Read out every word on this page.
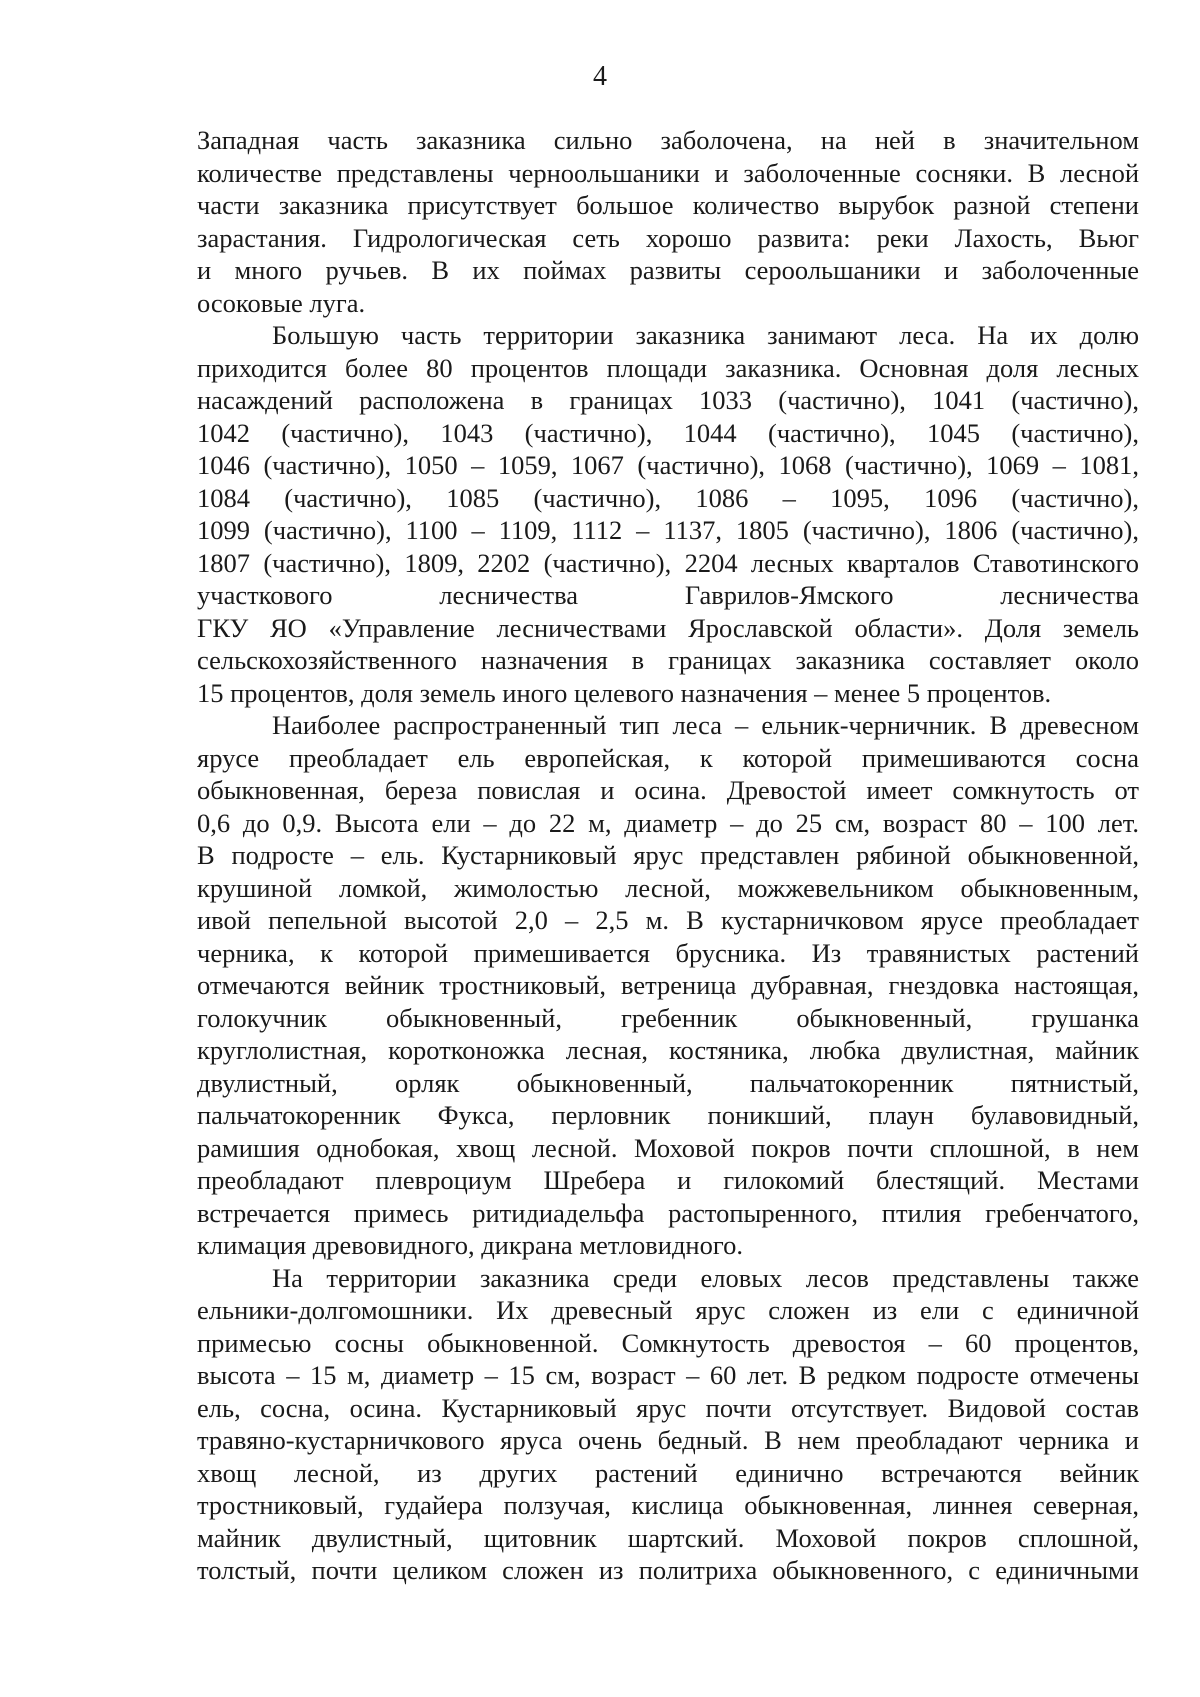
4

Западная часть заказника сильно заболочена, на ней в значительном
количестве представлены черноольшаники и заболоченные сосняки. В лесной
части заказника присутствует большое количество вырубок разной степени
зарастания. Гидрологическая сеть хорошо развита: реки Лахость, Вьюг
и много ручьев. В их поймах развиты сероольшаники и заболоченные
осоковые луга.

Большую часть территории заказника занимают леса. На их долю
приходится более 80 процентов площади заказника. Основная доля лесных
насаждений расположена в границах 1033 (частично), 1041 (частично),
1042 (частично), 1043 (частично), 1044 (частично), 1045 (частично),
1046 (частично), 1050 – 1059, 1067 (частично), 1068 (частично), 1069 – 1081,
1084 (частично), 1085 (частично), 1086 – 1095, 1096 (частично),
1099 (частично), 1100 – 1109, 1112 – 1137, 1805 (частично), 1806 (частично),
1807 (частично), 1809, 2202 (частично), 2204 лесных кварталов Ставотинского
участкового лесничества Гаврилов-Ямского лесничества
ГКУ ЯО «Управление лесничествами Ярославской области». Доля земель
сельскохозяйственного назначения в границах заказника составляет около
15 процентов, доля земель иного целевого назначения – менее 5 процентов.

Наиболее распространенный тип леса – ельник-черничник. В древесном
ярусе преобладает ель европейская, к которой примешиваются сосна
обыкновенная, береза повислая и осина. Древостой имеет сомкнутость от
0,6 до 0,9. Высота ели – до 22 м, диаметр – до 25 см, возраст 80 – 100 лет.
В подросте – ель. Кустарниковый ярус представлен рябиной обыкновенной,
крушиной ломкой, жимолостью лесной, можжевельником обыкновенным,
ивой пепельной высотой 2,0 – 2,5 м. В кустарничковом ярусе преобладает
черника, к которой примешивается брусника. Из травянистых растений
отмечаются вейник тростниковый, ветреница дубравная, гнездовка настоящая,
голокучник обыкновенный, гребенник обыкновенный, грушанка
круглолистная, коротконожка лесная, костяника, любка двулистная, майник
двулистный, орляк обыкновенный, пальчатокоренник пятнистый,
пальчатокоренник Фукса, перловник поникший, плаун булавовидный,
рамишия однобокая, хвощ лесной. Моховой покров почти сплошной, в нем
преобладают плевроциум Шребера и гилокомий блестящий. Местами
встречается примесь ритидиадельфа растопыренного, птилия гребенчатого,
климация древовидного, дикрана метловидного.

На территории заказника среди еловых лесов представлены также
ельники-долгомошники. Их древесный ярус сложен из ели с единичной
примесью сосны обыкновенной. Сомкнутость древостоя – 60 процентов,
высота – 15 м, диаметр – 15 см, возраст – 60 лет. В редком подросте отмечены
ель, сосна, осина. Кустарниковый ярус почти отсутствует. Видовой состав
травяно-кустарничкового яруса очень бедный. В нем преобладают черника и
хвощ лесной, из других растений единично встречаются вейник
тростниковый, гудайера ползучая, кислица обыкновенная, линнея северная,
майник двулистный, щитовник шартский. Моховой покров сплошной,
толстый, почти целиком сложен из политриха обыкновенного, с единичными
